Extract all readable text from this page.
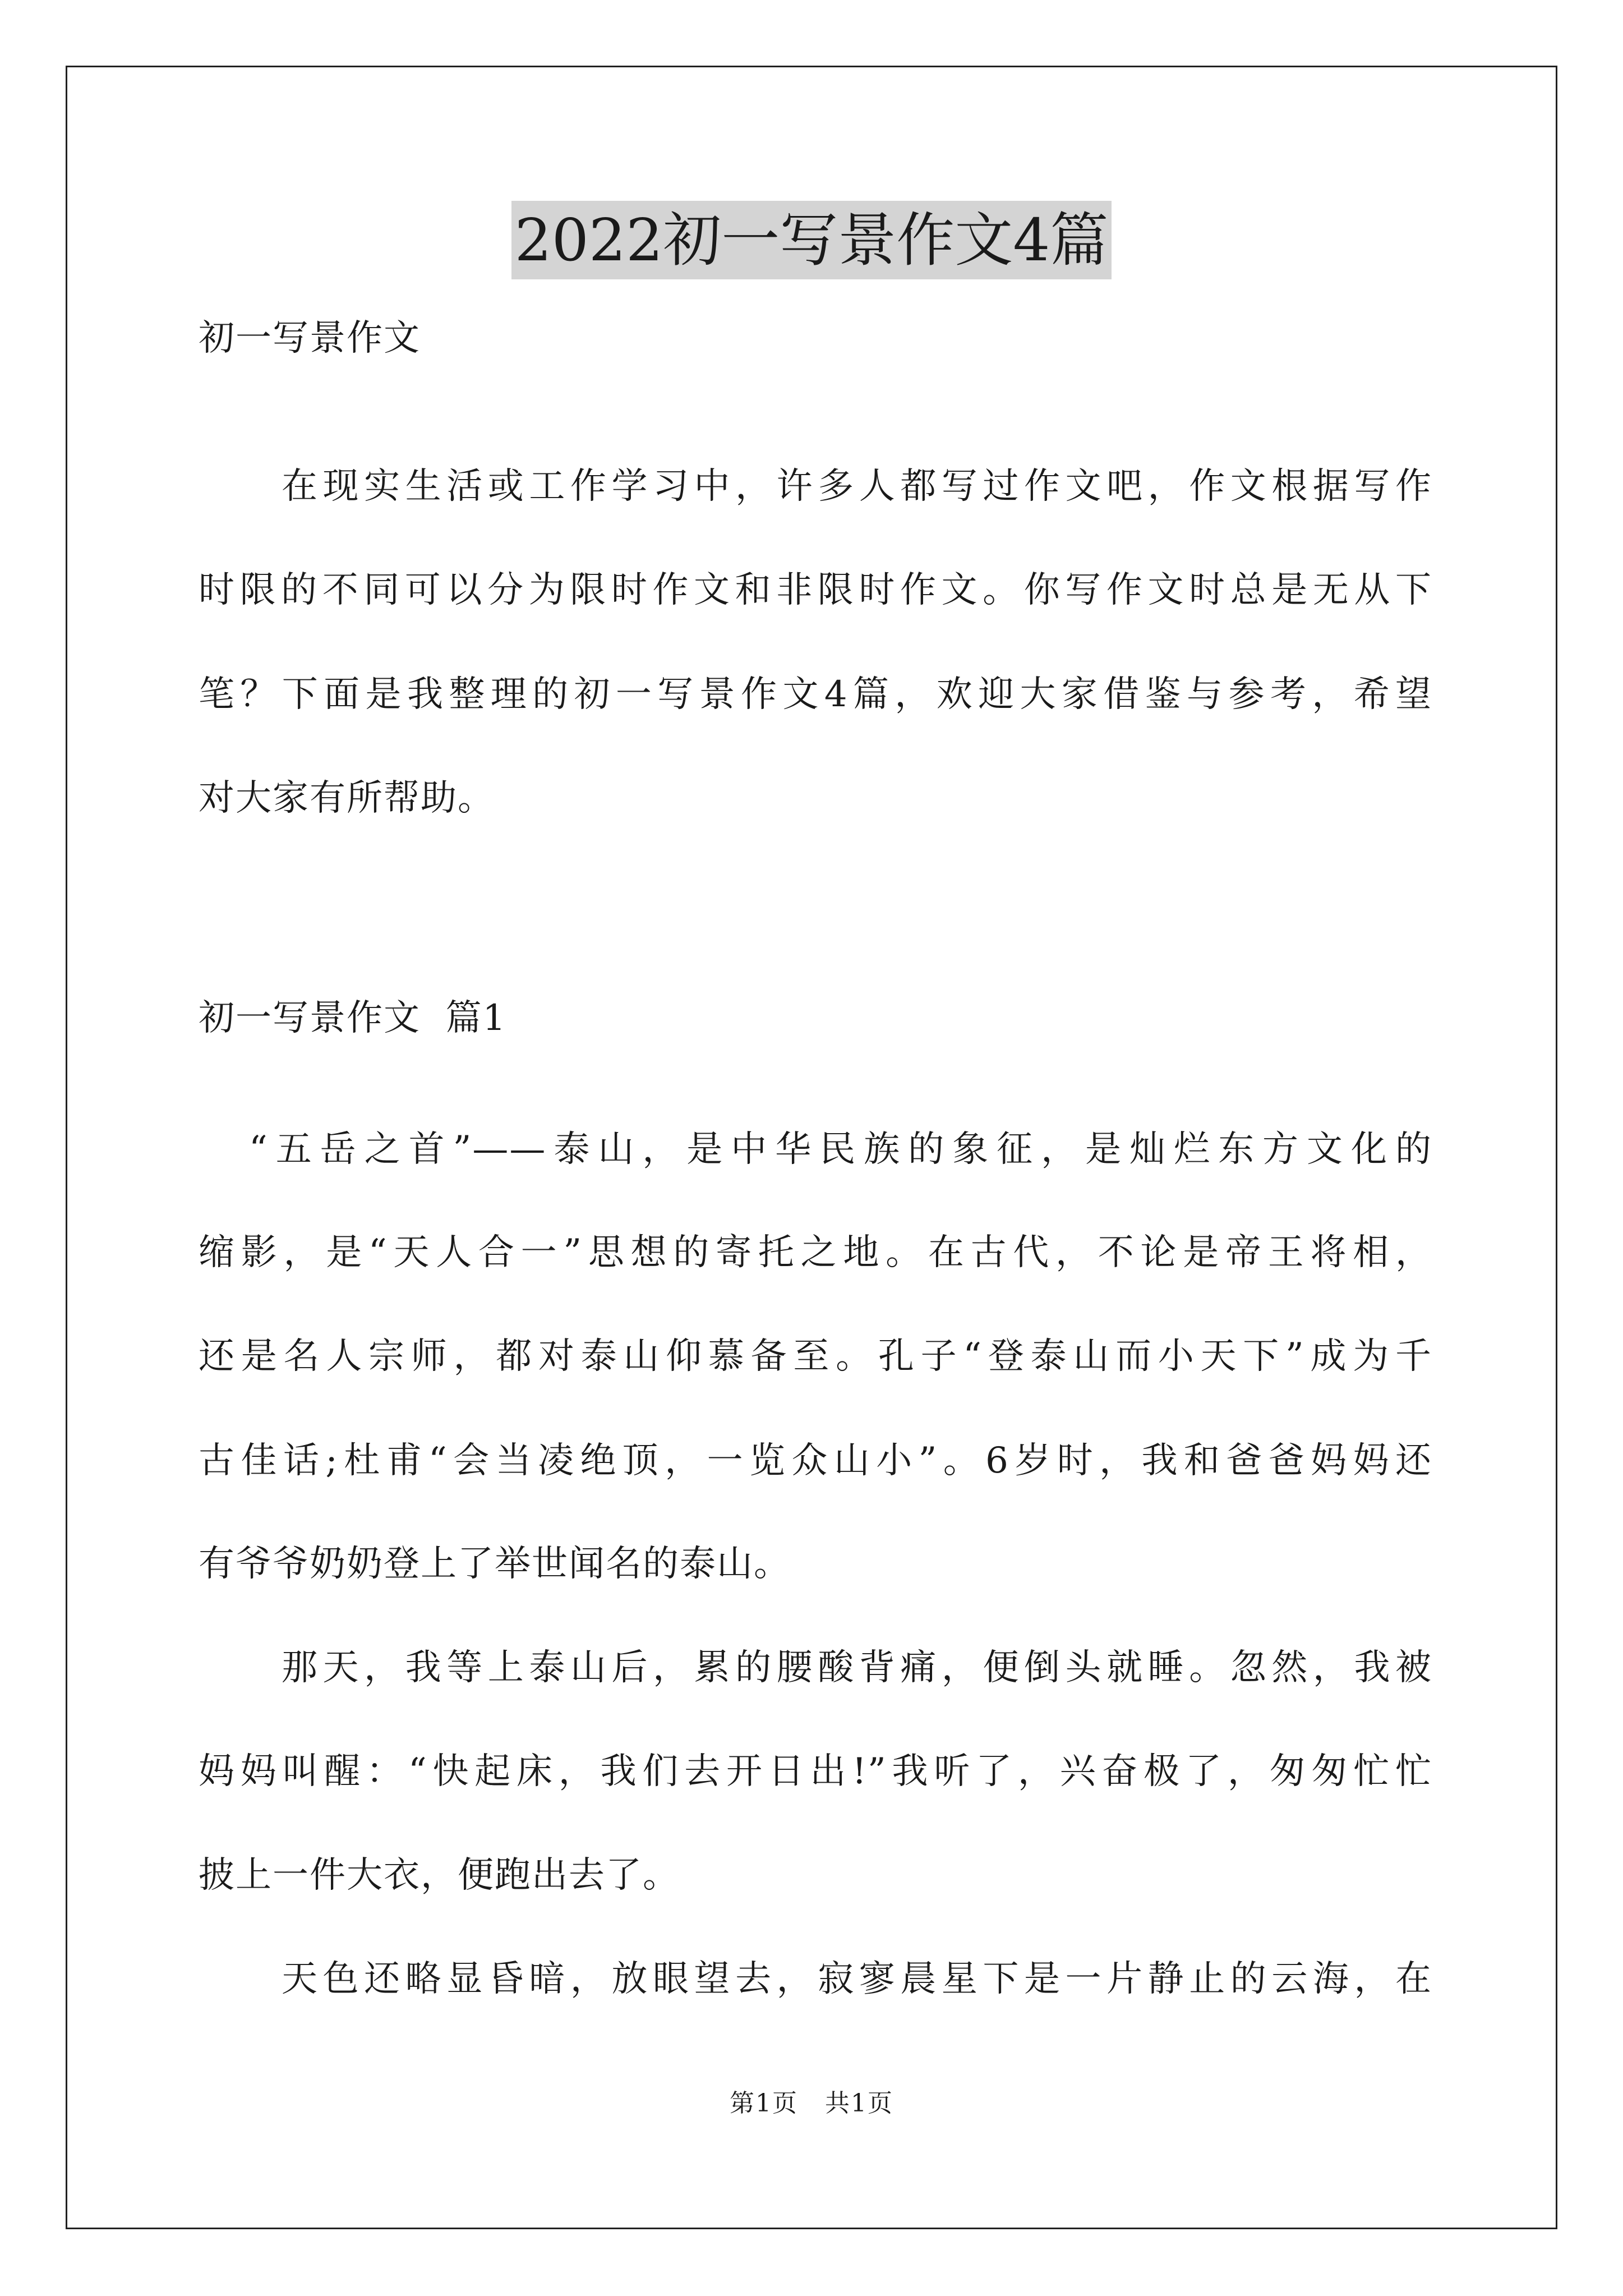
2022初一写景作文4篇
初一写景作文
在现实生活或工作学习中，许多人都写过作文吧，作文根据写作
时限的不同可以分为限时作文和非限时作文。你写作文时总是无从下
笔？下面是我整理的初一写景作文4篇，欢迎大家借鉴与参考，希望
对大家有所帮助。
初一写景作文  篇1
“五岳之首”——泰山，是中华民族的象征，是灿烂东方文化的
缩影，是“天人合一”思想的寄托之地。在古代，不论是帝王将相，
还是名人宗师，都对泰山仰慕备至。孔子“登泰山而小天下”成为千
古佳话;杜甫“会当凌绝顶，一览众山小”。6岁时，我和爸爸妈妈还
有爷爷奶奶登上了举世闻名的泰山。
那天，我等上泰山后，累的腰酸背痛，便倒头就睡。忽然，我被
妈妈叫醒：“快起床，我们去开日出!”我听了，兴奋极了，匆匆忙忙
披上一件大衣，便跑出去了。
天色还略显昏暗，放眼望去，寂寥晨星下是一片静止的云海，在
第1页   共1页
